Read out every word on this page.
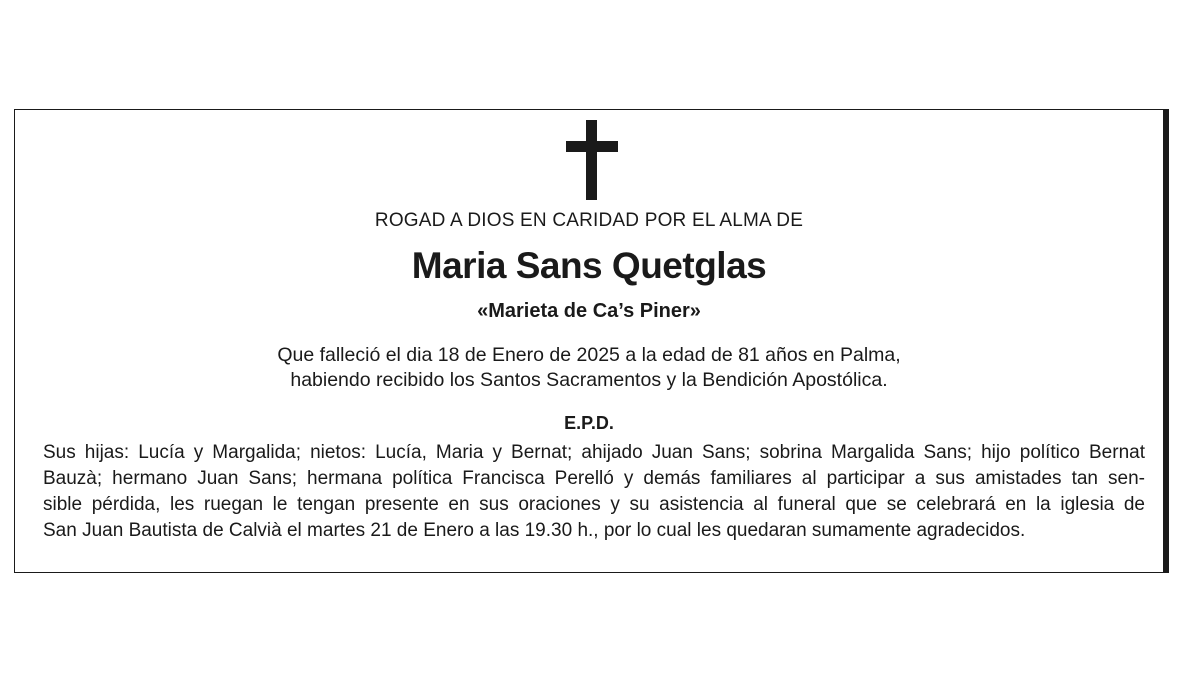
ROGAD A DIOS EN CARIDAD POR EL ALMA DE
Maria Sans Quetglas
«Marieta de Ca’s Piner»
Que falleció el dia 18 de Enero de 2025 a la edad de 81 años en Palma,
habiendo recibido los Santos Sacramentos y la Bendición Apostólica.
E.P.D.
Sus hijas: Lucía y Margalida; nietos: Lucía, Maria y Bernat; ahijado Juan Sans; sobrina Margalida Sans; hijo político Bernat
Bauzà; hermano Juan Sans; hermana política Francisca Perelló y demás familiares al participar a sus amistades tan sen-
sible pérdida, les ruegan le tengan presente en sus oraciones y su asistencia al funeral que se celebrará en la iglesia de
San Juan Bautista de Calvià el martes 21 de Enero a las 19.30 h., por lo cual les quedaran sumamente agradecidos.
